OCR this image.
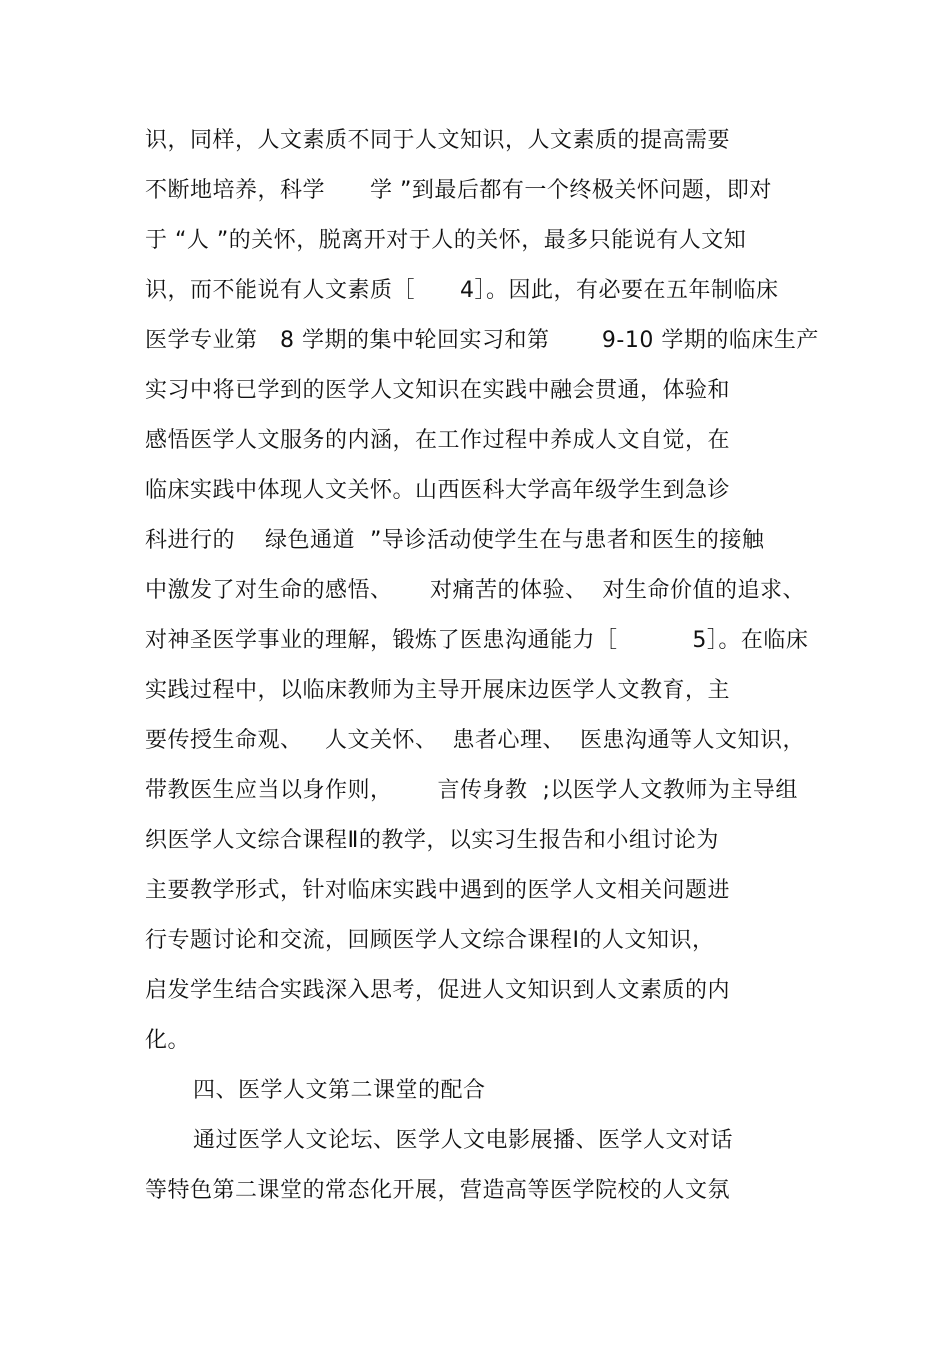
识，同样，人文素质不同于人文知识，人文素质的提高需要
不断地培养，科学      学 ”到最后都有一个终极关怀问题，即对
于 “人 ”的关怀，脱离开对于人的关怀，最多只能说有人文知
识，而不能说有人文素质［      4］。因此，有必要在五年制临床
医学专业第   8 学期的集中轮回实习和第       9-10 学期的临床生产
实习中将已学到的医学人文知识在实践中融会贯通，体验和
感悟医学人文服务的内涵，在工作过程中养成人文自觉，在
临床实践中体现人文关怀。山西医科大学高年级学生到急诊
科进行的    绿色通道  ”导诊活动使学生在与患者和医生的接触
中激发了对生命的感悟、     对痛苦的体验、  对生命价值的追求、
对神圣医学事业的理解，锻炼了医患沟通能力［          5］。在临床
实践过程中，以临床教师为主导开展床边医学人文教育，主
要传授生命观、   人文关怀、  患者心理、  医患沟通等人文知识，
带教医生应当以身作则，      言传身教  ;以医学人文教师为主导组
织医学人文综合课程Ⅱ的教学，以实习生报告和小组讨论为
主要教学形式，针对临床实践中遇到的医学人文相关问题进
行专题讨论和交流，回顾医学人文综合课程Ⅰ的人文知识，
启发学生结合实践深入思考，促进人文知识到人文素质的内
化。
四、医学人文第二课堂的配合
通过医学人文论坛、医学人文电影展播、医学人文对话
等特色第二课堂的常态化开展，营造高等医学院校的人文氛
